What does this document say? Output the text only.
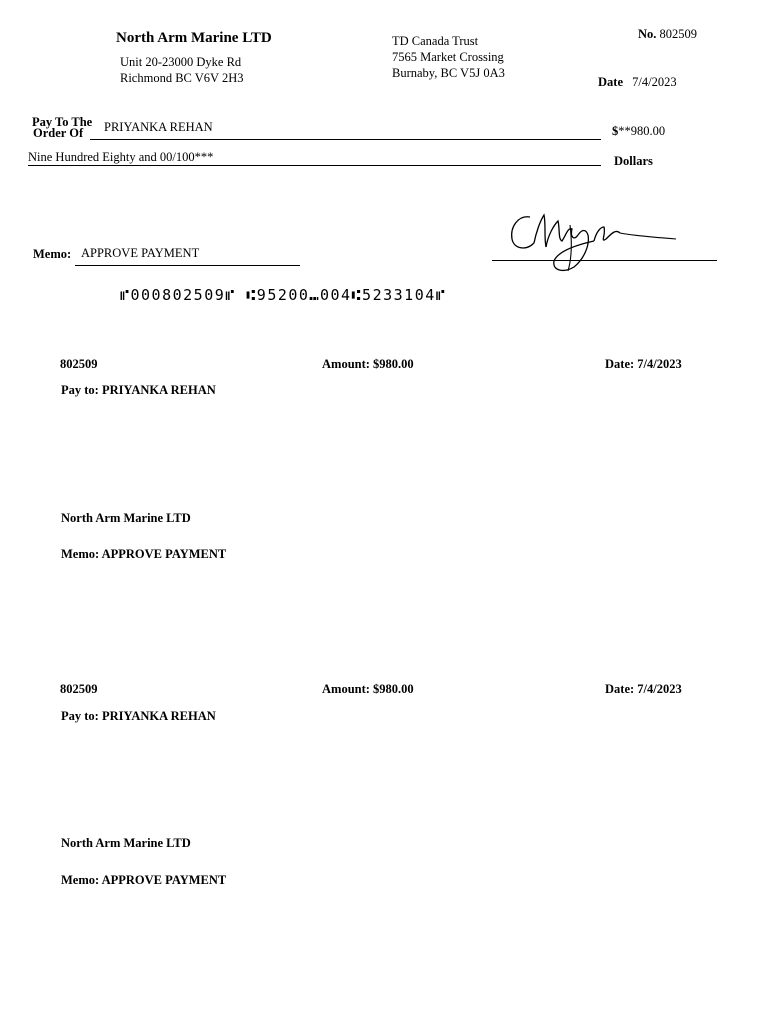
North Arm Marine LTD
Unit 20-23000 Dyke Rd
Richmond BC V6V 2H3
TD Canada Trust
7565 Market Crossing
Burnaby, BC V5J 0A3
No. 802509
Date 7/4/2023
Pay To The
Order Of	PRIYANKA REHAN	$**980.00
Nine Hundred Eighty and 00/100***	Dollars
Memo: APPROVE PAYMENT
⑈000802509⑈ ⑆95200⑉004⑆5233104⑈
802509	Amount: $980.00	Date: 7/4/2023
Pay to: PRIYANKA REHAN
North Arm Marine LTD
Memo: APPROVE PAYMENT
802509	Amount: $980.00	Date: 7/4/2023
Pay to: PRIYANKA REHAN
North Arm Marine LTD
Memo: APPROVE PAYMENT
